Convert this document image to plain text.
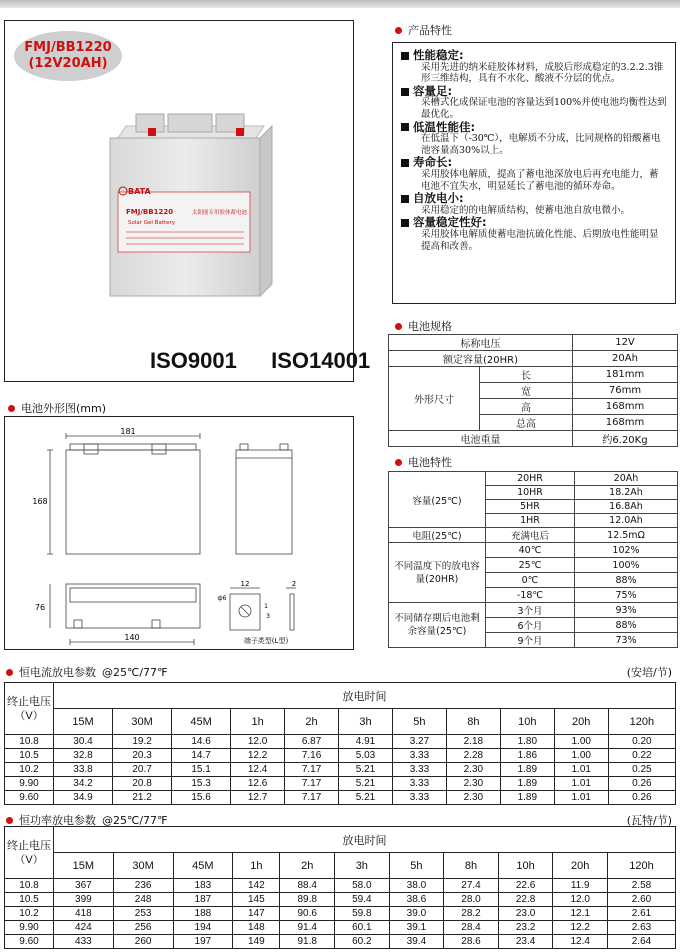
FMJ/BB1220
(12V20AH)
BATA
FMJ/BB1220
Solar Gel Battery
太阳能专用胶体蓄电池
ISO9001 ISO14001
产品特性
性能稳定:
采用先进的纳米硅胶体材料，成胶后形成稳定的3.2.2.3锥形三维结构，具有不水化、酸液不分层的优点。
容量足:
采槽式化成保证电池的容量达到100%并使电池均衡性达到最优化。
低温性能佳:
在低温下（-30℃），电解质不分成，比同规格的铅酸蓄电池容量高30%以上。
寿命长:
采用胶体电解质，提高了蓄电池深放电后再充电能力，蓄电池不宜失水，明显延长了蓄电池的循环寿命。
自放电小:
采用稳定的的电解质结构，使蓄电池自放电微小。
容量稳定性好:
采用胶体电解质使蓄电池抗硫化性能、后期放电性能明显提高和改善。
电池规格
标称电压		12V
额定容量(20HR)		20Ah
外形尺寸	长	181mm
	宽	76mm
	高	168mm
	总高	168mm
电池重量		约6.20Kg
电池特性
容量(25℃)	20HR	20Ah
	10HR	18.2Ah
	5HR	16.8Ah
	1HR	12.0Ah
电阻(25℃)	充满电后	12.5mΩ
不同温度下的放电容量(20HR)	40℃	102%
	25℃	100%
	0℃	88%
	-18℃	75%
不同储存期后电池剩余容量(25℃)	3个月	93%
	6个月	88%
	9个月	73%
电池外形图(mm)
181
168
76
140
12
ф6
2
1
3
端子类型(L型)
恒电流放电参数 @25℃/77℉	(安培/节)
终止电压（V）	放电时间										
	15M	30M	45M	1h	2h	3h	5h	8h	10h	20h	120h
10.8	30.4	19.2	14.6	12.0	6.87	4.91	3.27	2.18	1.80	1.00	0.20
10.5	32.8	20.3	14.7	12.2	7.16	5.03	3.33	2.28	1.86	1.00	0.22
10.2	33.8	20.7	15.1	12.4	7.17	5.21	3.33	2.30	1.89	1.01	0.25
9.90	34.2	20.8	15.3	12.6	7.17	5.21	3.33	2.30	1.89	1.01	0.26
9.60	34.9	21.2	15.6	12.7	7.17	5.21	3.33	2.30	1.89	1.01	0.26
恒功率放电参数 @25℃/77℉	(瓦特/节)
终止电压（V）	放电时间										
	15M	30M	45M	1h	2h	3h	5h	8h	10h	20h	120h
10.8	367	236	183	142	88.4	58.0	38.0	27.4	22.6	11.9	2.58
10.5	399	248	187	145	89.8	59.4	38.6	28.0	22.8	12.0	2.60
10.2	418	253	188	147	90.6	59.8	39.0	28.2	23.0	12.1	2.61
9.90	424	256	194	148	91.4	60.1	39.1	28.4	23.2	12.2	2.63
9.60	433	260	197	149	91.8	60.2	39.4	28.6	23.4	12.4	2.64
